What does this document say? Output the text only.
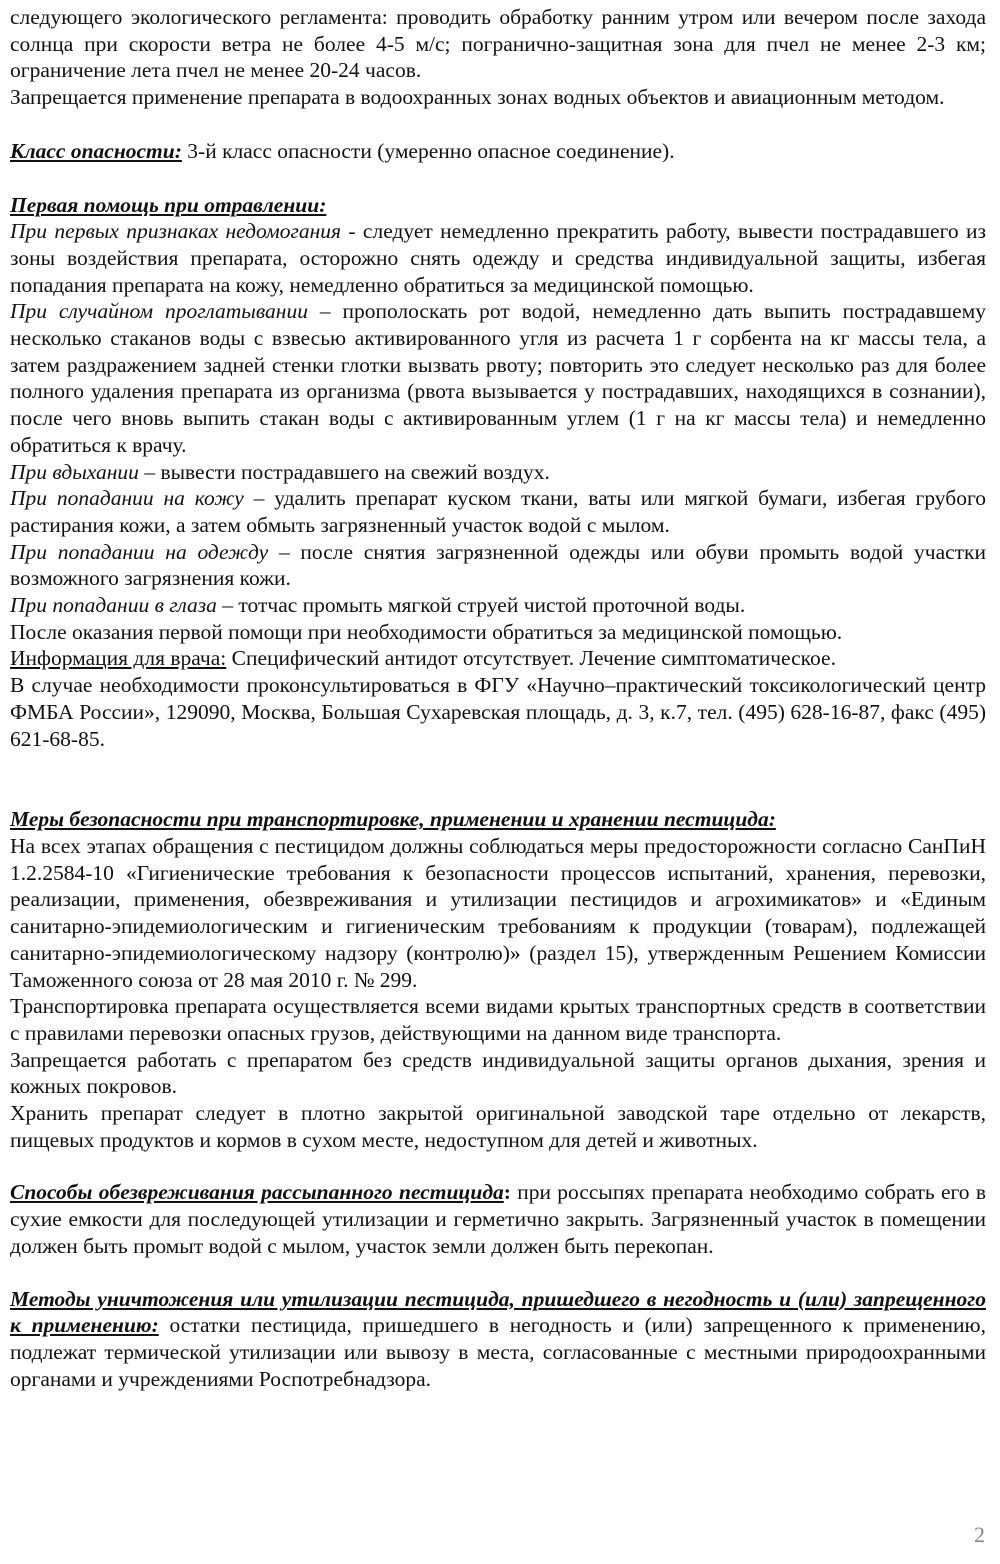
следующего экологического регламента: проводить обработку ранним утром или вечером после захода солнца при скорости ветра не более 4-5 м/с; погранично-защитная зона для пчел не менее 2-3 км; ограничение лета пчел не менее 20-24 часов.

Запрещается применение препарата в водоохранных зонах водных объектов и авиационным методом.

Класс опасности: 3-й класс опасности (умеренно опасное соединение).

Первая помощь при отравлении:

При первых признаках недомогания - следует немедленно прекратить работу, вывести пострадавшего из зоны воздействия препарата, осторожно снять одежду и средства индивидуальной защиты, избегая попадания препарата на кожу, немедленно обратиться за медицинской помощью.

При случайном проглатывании – прополоскать рот водой, немедленно дать выпить пострадавшему несколько стаканов воды с взвесью активированного угля из расчета 1 г сорбента на кг массы тела, а затем раздражением задней стенки глотки вызвать рвоту; повторить это следует несколько раз для более полного удаления препарата из организма (рвота вызывается у пострадавших, находящихся в сознании), после чего вновь выпить стакан воды с активированным углем (1 г на кг массы тела) и немедленно обратиться к врачу.

При вдыхании – вывести пострадавшего на свежий воздух.

При попадании на кожу – удалить препарат куском ткани, ваты или мягкой бумаги, избегая грубого растирания кожи, а затем обмыть загрязненный участок водой с мылом.

При попадании на одежду – после снятия загрязненной одежды или обуви промыть водой участки возможного загрязнения кожи.

При попадании в глаза – тотчас промыть мягкой струей чистой проточной воды.

После оказания первой помощи при необходимости обратиться за медицинской помощью.

Информация для врача: Специфический антидот отсутствует. Лечение симптоматическое.

В случае необходимости проконсультироваться в ФГУ «Научно–практический токсикологический центр ФМБА России», 129090, Москва, Большая Сухаревская площадь, д. 3, к.7, тел. (495) 628-16-87, факс (495) 621-68-85.

Меры безопасности при транспортировке, применении и хранении пестицида:

На всех этапах обращения с пестицидом должны соблюдаться меры предосторожности согласно СанПиН 1.2.2584-10 «Гигиенические требования к безопасности процессов испытаний, хранения, перевозки, реализации, применения, обезвреживания и утилизации пестицидов и агрохимикатов» и «Единым санитарно-эпидемиологическим и гигиеническим требованиям к продукции (товарам), подлежащей санитарно-эпидемиологическому надзору (контролю)» (раздел 15), утвержденным Решением Комиссии Таможенного союза от 28 мая 2010 г. № 299.

Транспортировка препарата осуществляется всеми видами крытых транспортных средств в соответствии с правилами перевозки опасных грузов, действующими на данном виде транспорта.

Запрещается работать с препаратом без средств индивидуальной защиты органов дыхания, зрения и кожных покровов.

Хранить препарат следует в плотно закрытой оригинальной заводской таре отдельно от лекарств, пищевых продуктов и кормов в сухом месте, недоступном для детей и животных.

Способы обезвреживания рассыпанного пестицида: при россыпях препарата необходимо собрать его в сухие емкости для последующей утилизации и герметично закрыть. Загрязненный участок в помещении должен быть промыт водой с мылом, участок земли должен быть перекопан.

Методы уничтожения или утилизации пестицида, пришедшего в негодность и (или) запрещенного к применению: остатки пестицида, пришедшего в негодность и (или) запрещенного к применению, подлежат термической утилизации или вывозу в места, согласованные с местными природоохранными органами и учреждениями Роспотребнадзора.

2
